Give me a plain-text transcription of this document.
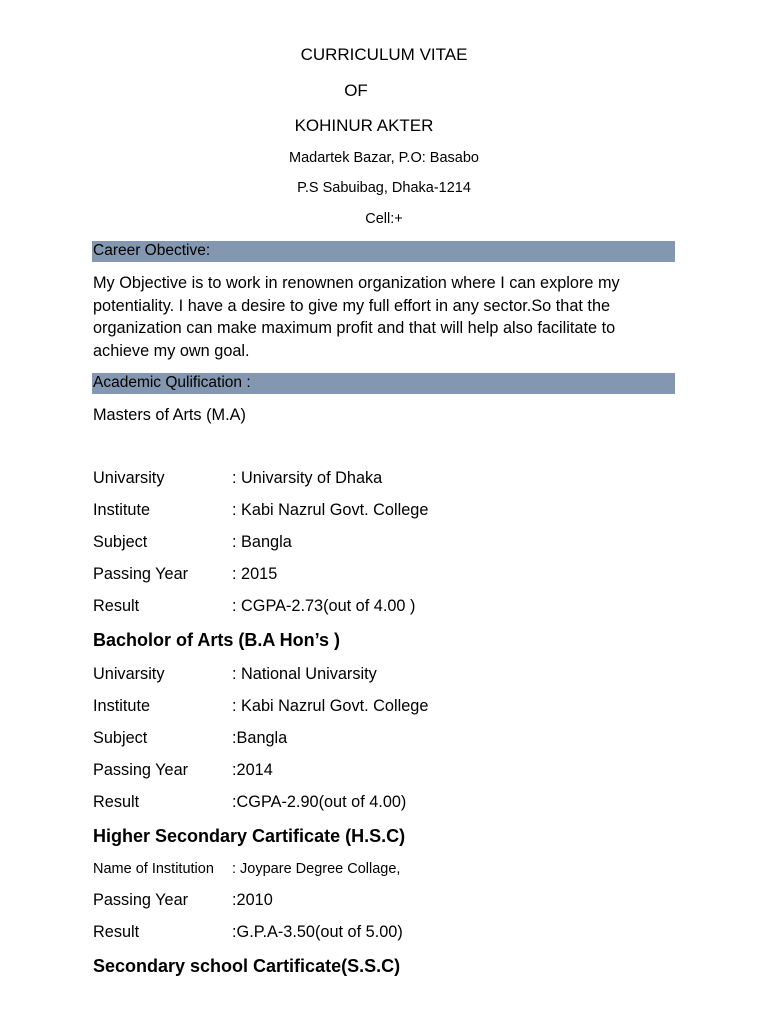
CURRICULUM VITAE
OF
KOHINUR AKTER
Madartek Bazar, P.O: Basabo
P.S Sabuibag, Dhaka-1214
Cell:+
Career Obective:
My Objective is to work in renownen organization where I can explore my
potentiality. I have a desire to give my full effort in any sector.So that the
organization can make maximum profit and that will help also facilitate to
achieve my own goal.
Academic Qulification :
Masters of Arts (M.A)
Univarsity	: Univarsity of Dhaka
Institute	: Kabi Nazrul Govt. College
Subject	: Bangla
Passing Year	: 2015
Result	: CGPA-2.73(out of 4.00 )
Bacholor of Arts (B.A Hon’s )
Univarsity	: National Univarsity
Institute	: Kabi Nazrul Govt. College
Subject	:Bangla
Passing Year	:2014
Result	:CGPA-2.90(out of 4.00)
Higher Secondary Cartificate (H.S.C)
Name of Institution : Joypare Degree Collage,
Passing Year	:2010
Result	:G.P.A-3.50(out of 5.00)
Secondary school Cartificate(S.S.C)
